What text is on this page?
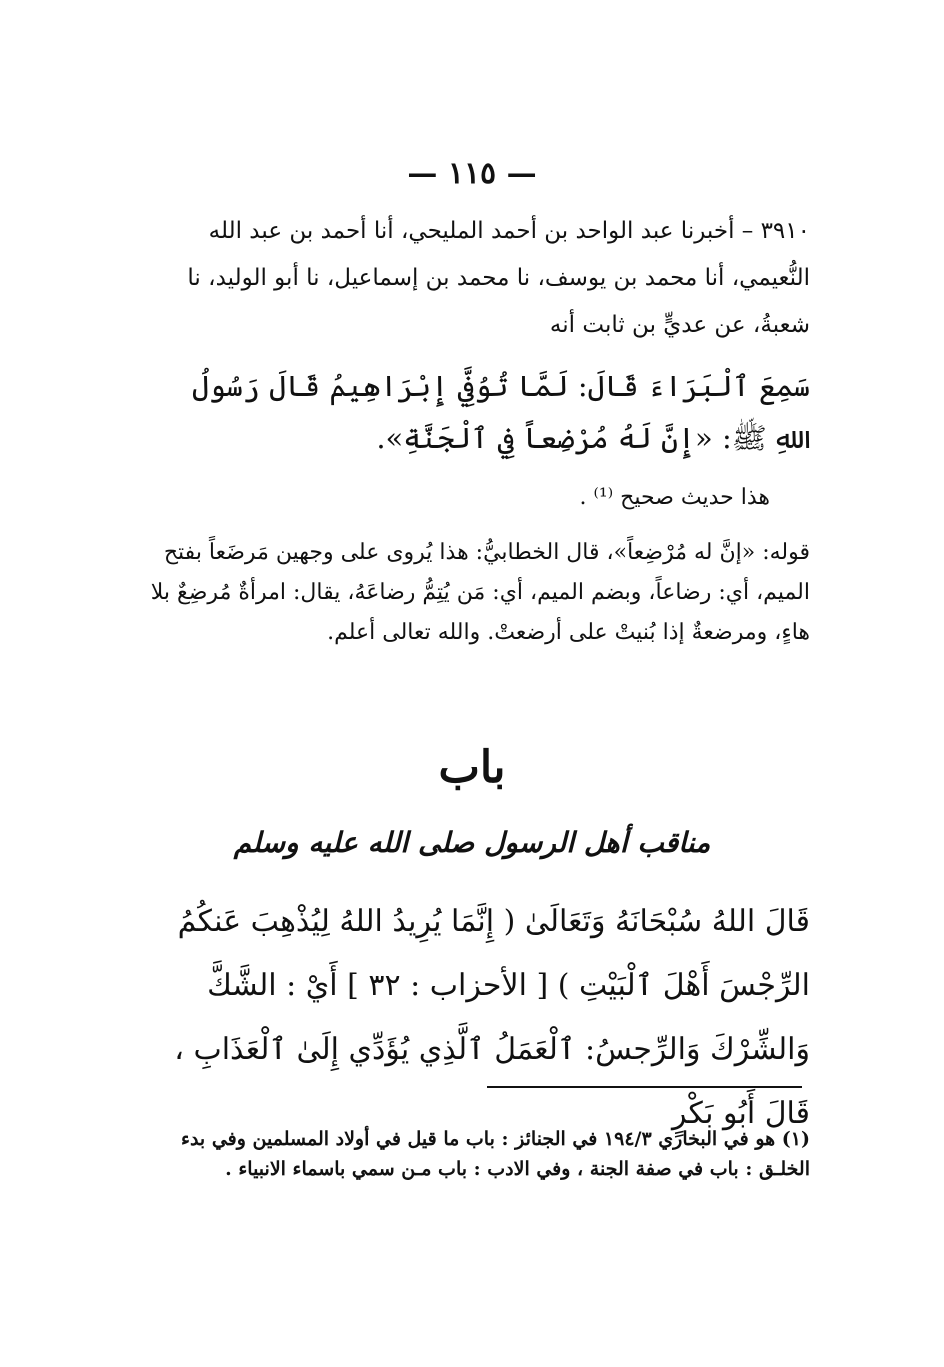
— ١١٥ —
٣٩١٠ – أخبرنا عبد الواحد بن أحمد المليحي، أنا أحمد بن عبد الله النُّعيمي، أنا محمد بن يوسف، نا محمد بن إسماعيل، نا أبو الوليد، نا شعبةُ، عن عديٍّ بن ثابت أنه
سَمِعَ ٱلْبَرَاءَ قَالَ: لَمَّا تُوُفِّيَ إِبْرَاهِيمُ قَالَ رَسُولُ اللهِ ﷺ: «إِنَّ لَهُ مُرْضِعاً فِي ٱلْجَنَّةِ».
هذا حديث صحيح ⁽¹⁾ .
قوله: «إنَّ له مُرْضِعاً»، قال الخطابيُّ: هذا يُروى على وجهين مَرضَعاً بفتح الميم، أي: رضاعاً، وبضم الميم، أي: مَن يُتِمُّ رضاعَهُ، يقال: امرأةٌ مُرضِعٌ بلا هاءٍ، ومرضعةٌ إذا بُنيتْ على أرضعتْ. والله تعالى أعلم.
باب
مناقب أهل الرسول صلى الله عليه وسلم
قَالَ اللهُ سُبْحَانَهُ وَتَعَالَىٰ ( إِنَّمَا يُرِيدُ اللهُ لِيُذْهِبَ عَنكُمُ الرِّجْسَ أَهْلَ ٱلْبَيْتِ ) [ الأحزاب : ٣٢ ] أَيْ : الشَّكَّ وَالشِّرْكَ وَالرِّجسُ: ٱلْعَمَلُ ٱلَّذِي يُؤَدِّي إِلَىٰ ٱلْعَذَابِ ، قَالَ أَبُو بَكْرٍ
(١) هو في البخاري ١٩٤/٣ في الجنائز : باب ما قيل في أولاد المسلمين وفي بدء الخلـق : باب في صفة الجنة ، وفي الادب : باب مـن سمي باسماء الانبياء .
